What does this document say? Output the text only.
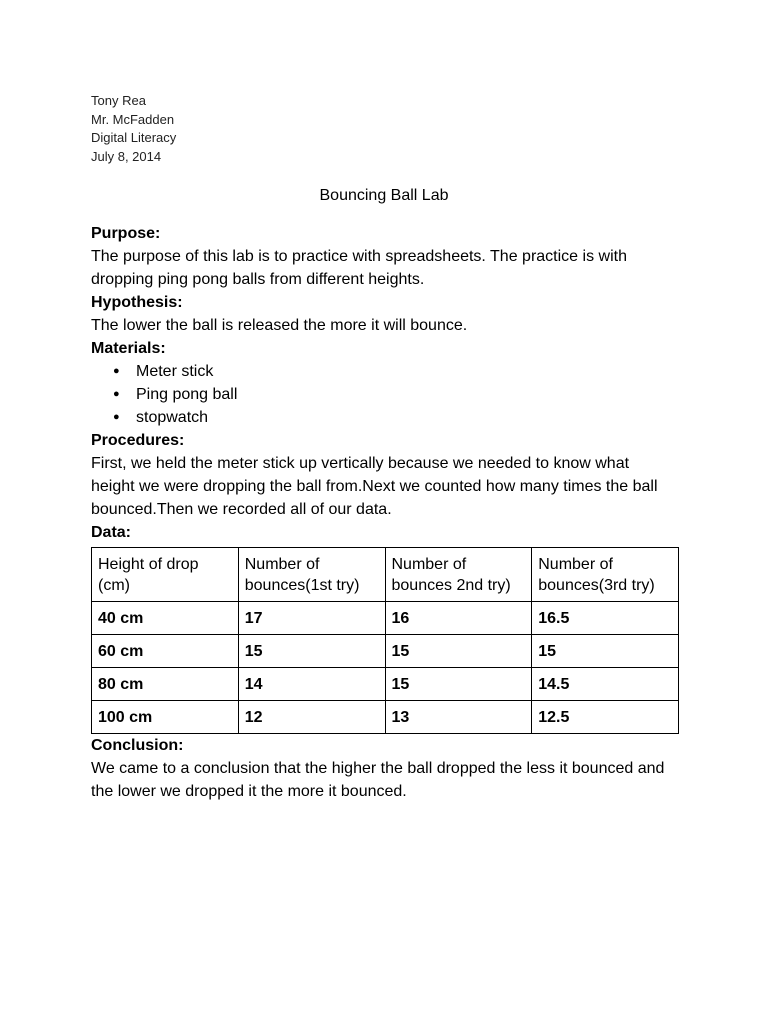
Tony Rea
Mr. McFadden
Digital Literacy
July 8, 2014
Bouncing Ball Lab
Purpose:

The purpose of this lab is to practice with spreadsheets. The practice is with dropping ping pong balls from different heights.

Hypothesis:

The lower the ball is released the more it will bounce.

Materials:
● Meter stick
● Ping pong ball
● stopwatch
Procedures:

First, we held the meter stick up vertically because we needed to know what height we were dropping the ball from.Next we counted how many times the ball bounced.Then we recorded all of our data.

Data:
Height of drop (cm)	Number of bounces(1st try)	Number of bounces 2nd try)	Number of bounces(3rd try)
40 cm	17	16	16.5
60 cm	15	15	15
80 cm	14	15	14.5
100 cm	12	13	12.5
Conclusion:

We came to a conclusion that the higher the ball dropped the less it bounced and the lower we dropped it the more it bounced.
